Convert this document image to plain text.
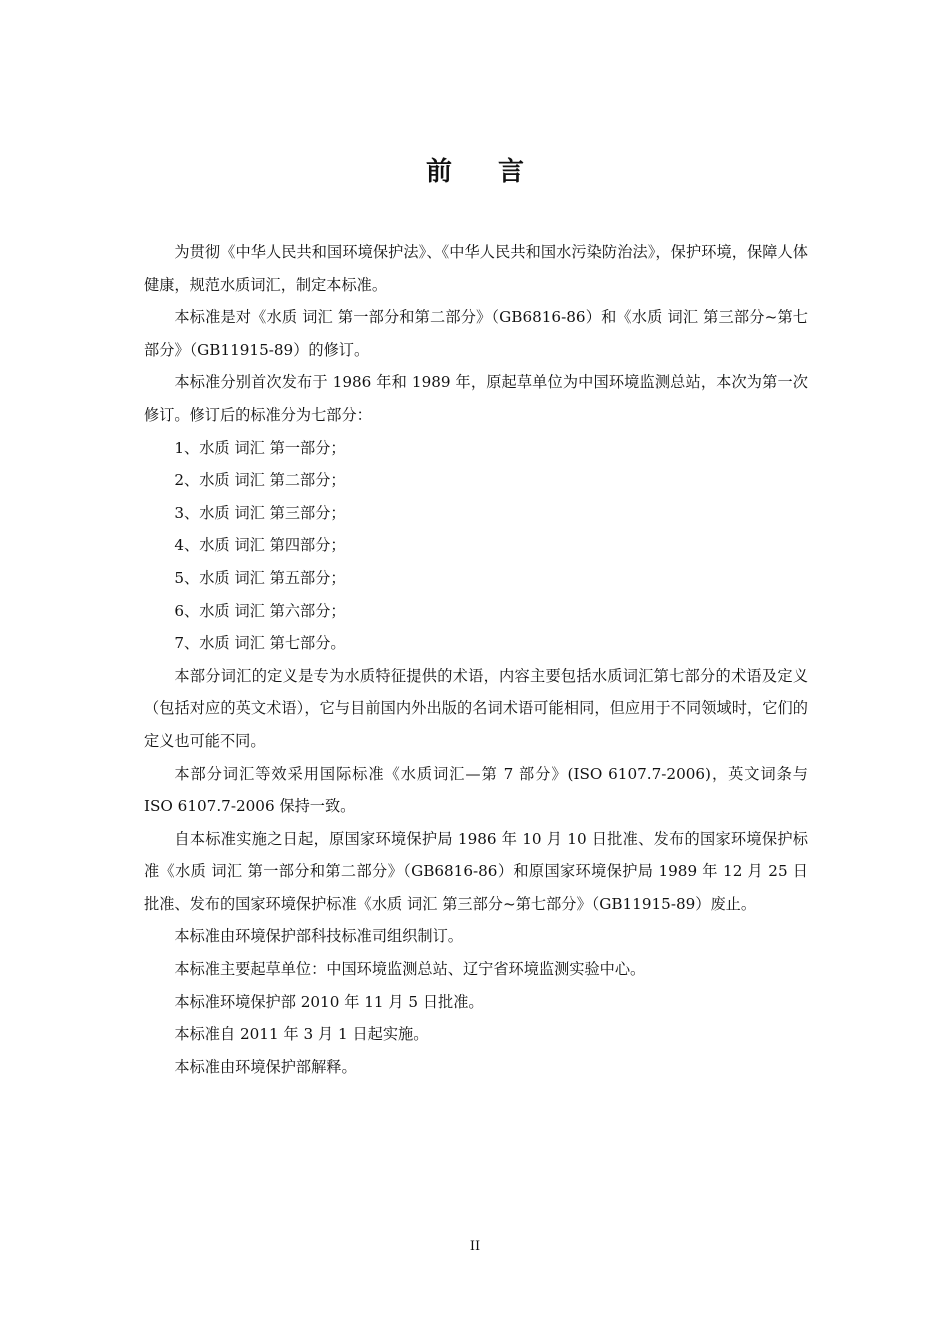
前言

为贯彻《中华人民共和国环境保护法》、《中华人民共和国水污染防治法》，保护环境，保障人体健康，规范水质词汇，制定本标准。

本标准是对《水质 词汇 第一部分和第二部分》（GB6816-86）和《水质 词汇 第三部分~第七部分》（GB11915-89）的修订。

本标准分别首次发布于 1986 年和 1989 年，原起草单位为中国环境监测总站，本次为第一次修订。修订后的标准分为七部分：

1、水质 词汇 第一部分；

2、水质 词汇 第二部分；

3、水质 词汇 第三部分；

4、水质 词汇 第四部分；

5、水质 词汇 第五部分；

6、水质 词汇 第六部分；

7、水质 词汇 第七部分。

本部分词汇的定义是专为水质特征提供的术语，内容主要包括水质词汇第七部分的术语及定义（包括对应的英文术语），它与目前国内外出版的名词术语可能相同，但应用于不同领域时，它们的定义也可能不同。

本部分词汇等效采用国际标准《水质词汇—第 7 部分》(ISO 6107.7-2006)，英文词条与 ISO 6107.7-2006 保持一致。

自本标准实施之日起，原国家环境保护局 1986 年 10 月 10 日批准、发布的国家环境保护标准《水质 词汇 第一部分和第二部分》（GB6816-86）和原国家环境保护局 1989 年 12 月 25 日批准、发布的国家环境保护标准《水质 词汇 第三部分~第七部分》（GB11915-89）废止。

本标准由环境保护部科技标准司组织制订。

本标准主要起草单位：中国环境监测总站、辽宁省环境监测实验中心。

本标准环境保护部 2010 年 11 月 5 日批准。

本标准自 2011 年 3 月 1 日起实施。

本标准由环境保护部解释。

II
